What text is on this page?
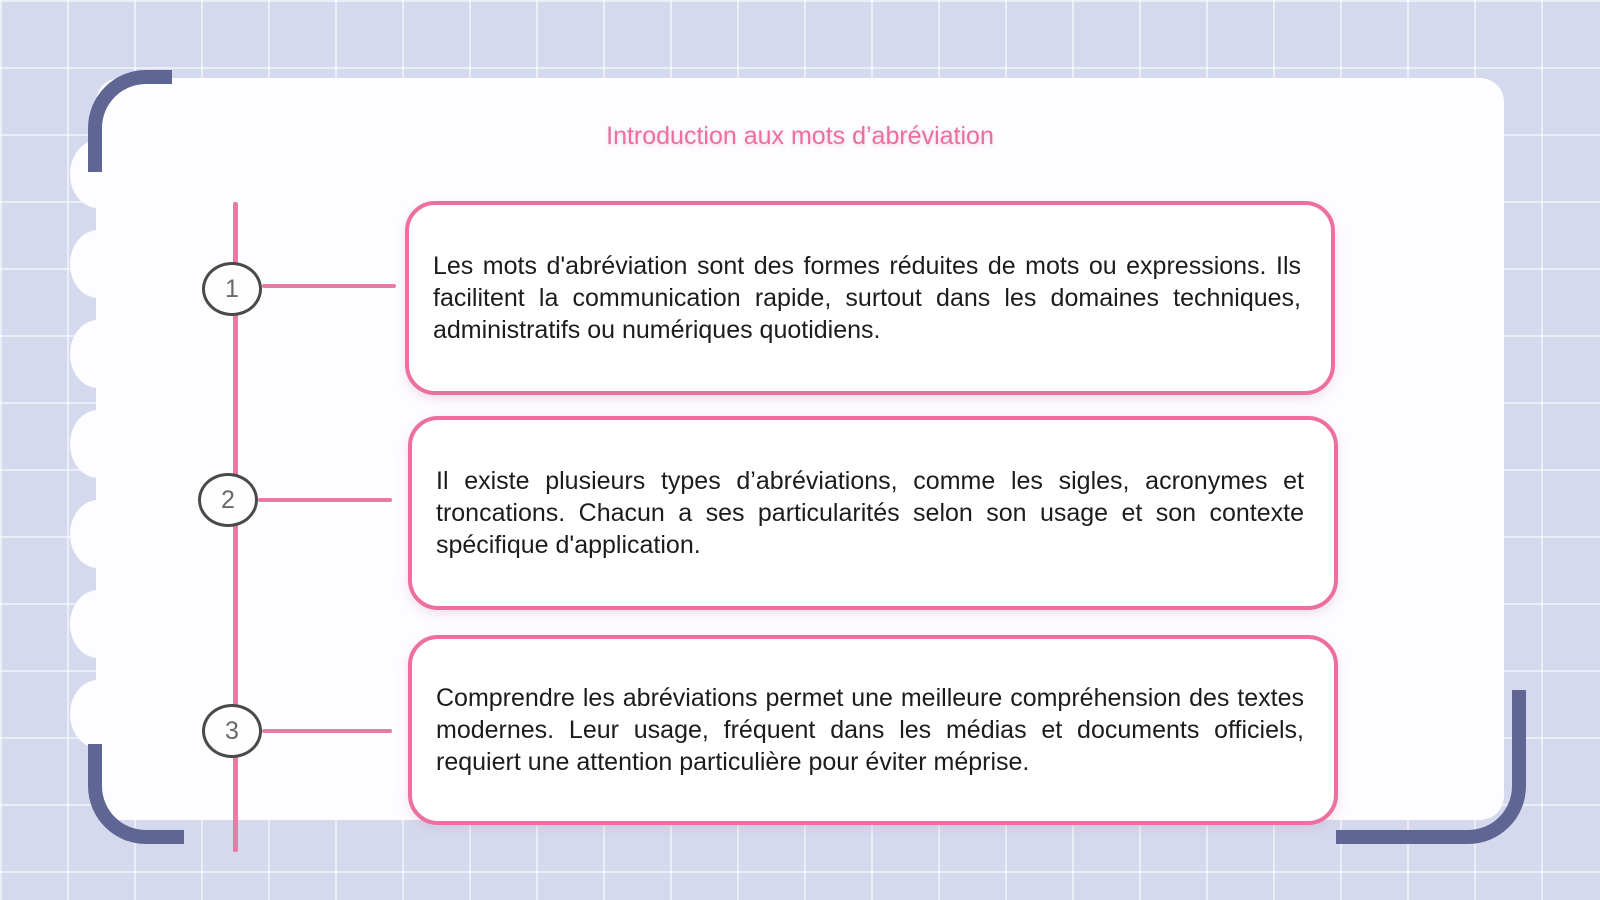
Introduction aux mots d’abréviation
1
2
3

Les mots d'abréviation sont des formes réduites de mots ou expressions. Ils facilitent la communication rapide, surtout dans les domaines techniques, administratifs ou numériques quotidiens.

Il existe plusieurs types d’abréviations, comme les sigles, acronymes et troncations. Chacun a ses particularités selon son usage et son contexte spécifique d'application.

Comprendre les abréviations permet une meilleure compréhension des textes modernes. Leur usage, fréquent dans les médias et documents officiels, requiert une attention particulière pour éviter méprise.
